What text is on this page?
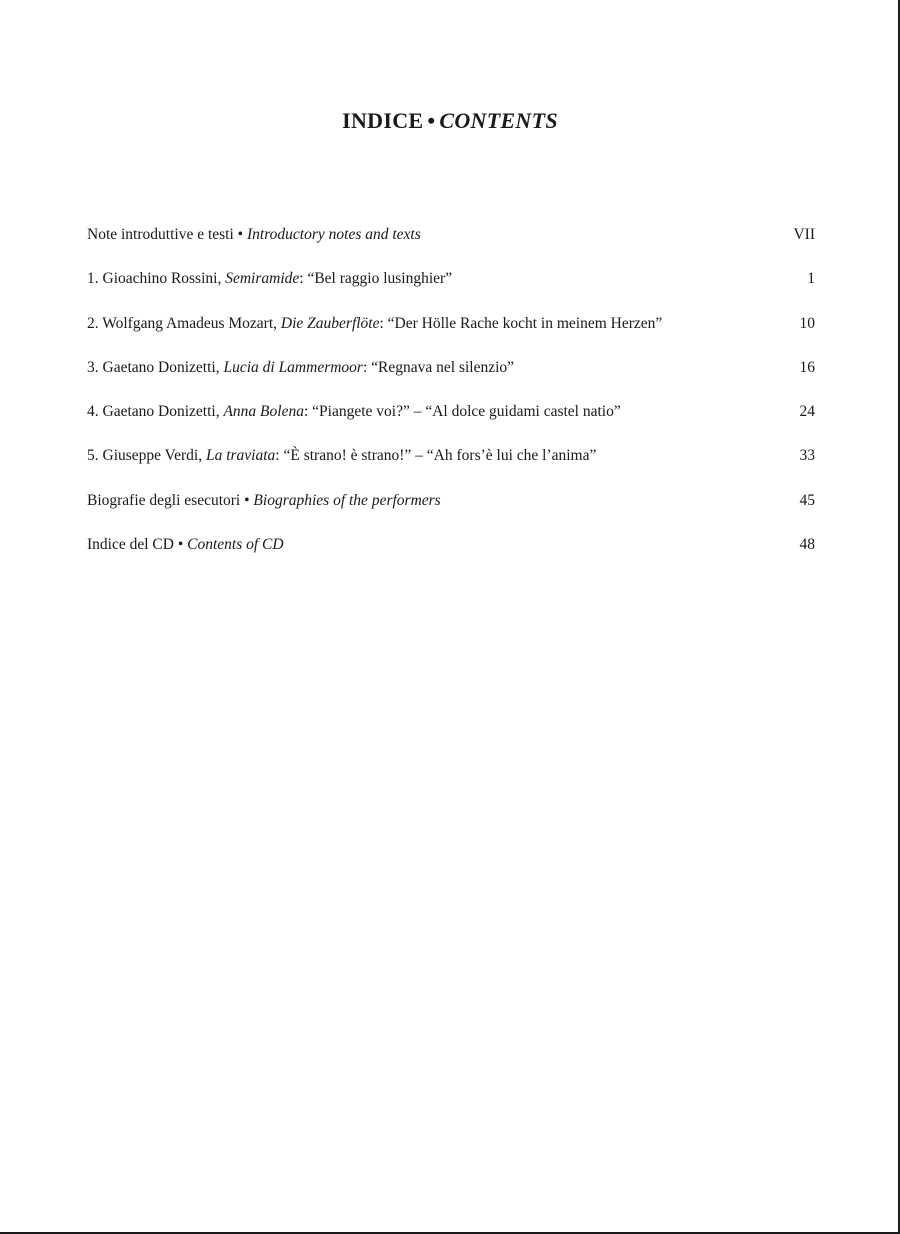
INDICE • CONTENTS
Note introduttive e testi • Introductory notes and texts	VII
1. Gioachino Rossini, Semiramide: “Bel raggio lusinghier”	1
2. Wolfgang Amadeus Mozart, Die Zauberflöte: “Der Hölle Rache kocht in meinem Herzen”	10
3. Gaetano Donizetti, Lucia di Lammermoor: “Regnava nel silenzio”	16
4. Gaetano Donizetti, Anna Bolena: “Piangete voi?” – “Al dolce guidami castel natio”	24
5. Giuseppe Verdi, La traviata: “È strano! è strano!” – “Ah fors’è lui che l’anima”	33
Biografie degli esecutori • Biographies of the performers	45
Indice del CD • Contents of CD	48
